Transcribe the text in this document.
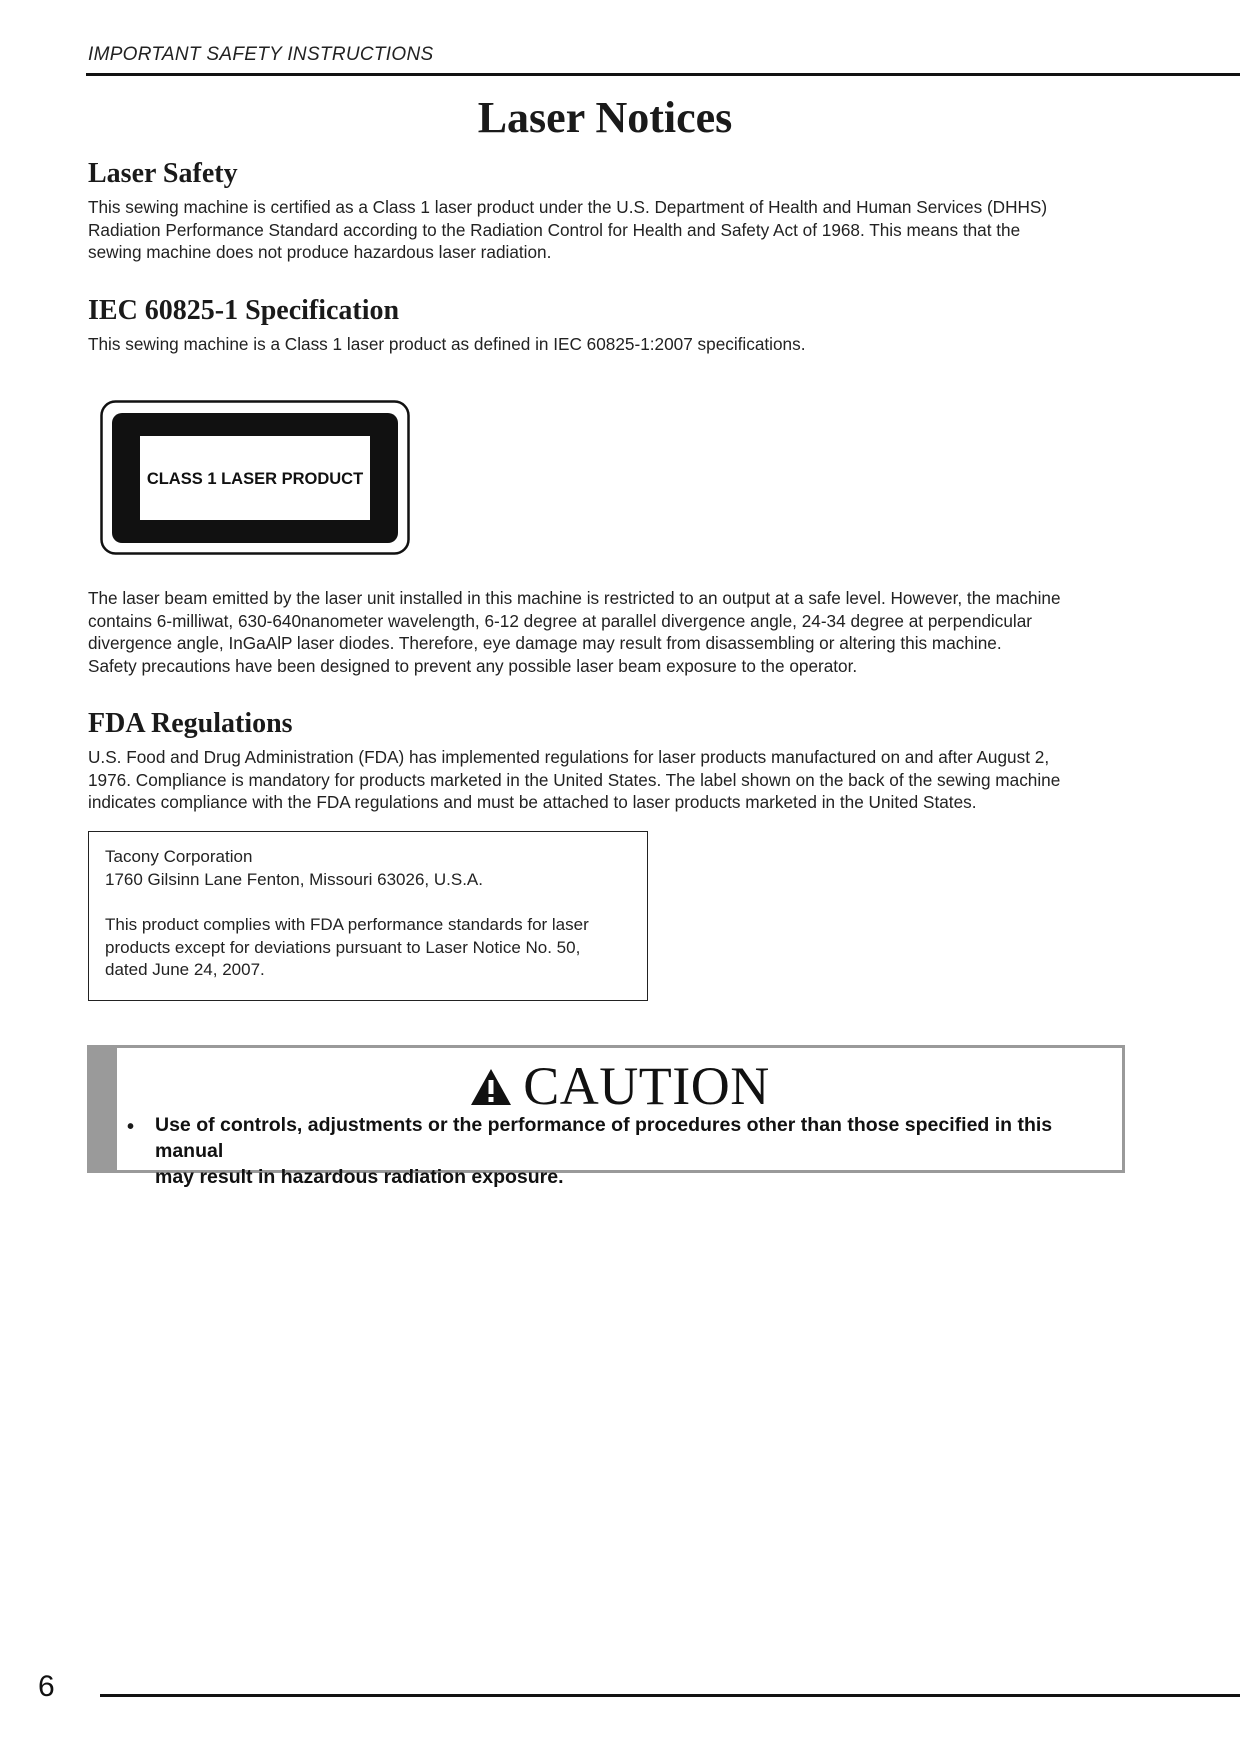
IMPORTANT SAFETY INSTRUCTIONS
Laser Notices
Laser Safety
This sewing machine is certified as a Class 1 laser product under the U.S. Department of Health and Human Services (DHHS)
Radiation Performance Standard according to the Radiation Control for Health and Safety Act of 1968. This means that the
sewing machine does not produce hazardous laser radiation.
IEC 60825-1 Specification
This sewing machine is a Class 1 laser product as defined in IEC 60825-1:2007 specifications.
CLASS 1 LASER PRODUCT
The laser beam emitted by the laser unit installed in this machine is restricted to an output at a safe level. However, the machine
contains 6-milliwat, 630-640nanometer wavelength, 6-12 degree at parallel divergence angle, 24-34 degree at perpendicular
divergence angle, InGaAlP laser diodes. Therefore, eye damage may result from disassembling or altering this machine.
Safety precautions have been designed to prevent any possible laser beam exposure to the operator.
FDA Regulations
U.S. Food and Drug Administration (FDA) has implemented regulations for laser products manufactured on and after August 2,
1976. Compliance is mandatory for products marketed in the United States. The label shown on the back of the sewing machine
indicates compliance with the FDA regulations and must be attached to laser products marketed in the United States.

Tacony Corporation

1760 Gilsinn Lane Fenton, Missouri 63026, U.S.A.

This product complies with FDA performance standards for laser

products except for deviations pursuant to Laser Notice No. 50,

dated June 24, 2007.

CAUTION
• Use of controls, adjustments or the performance of procedures other than those specified in this manual
may result in hazardous radiation exposure.
6
